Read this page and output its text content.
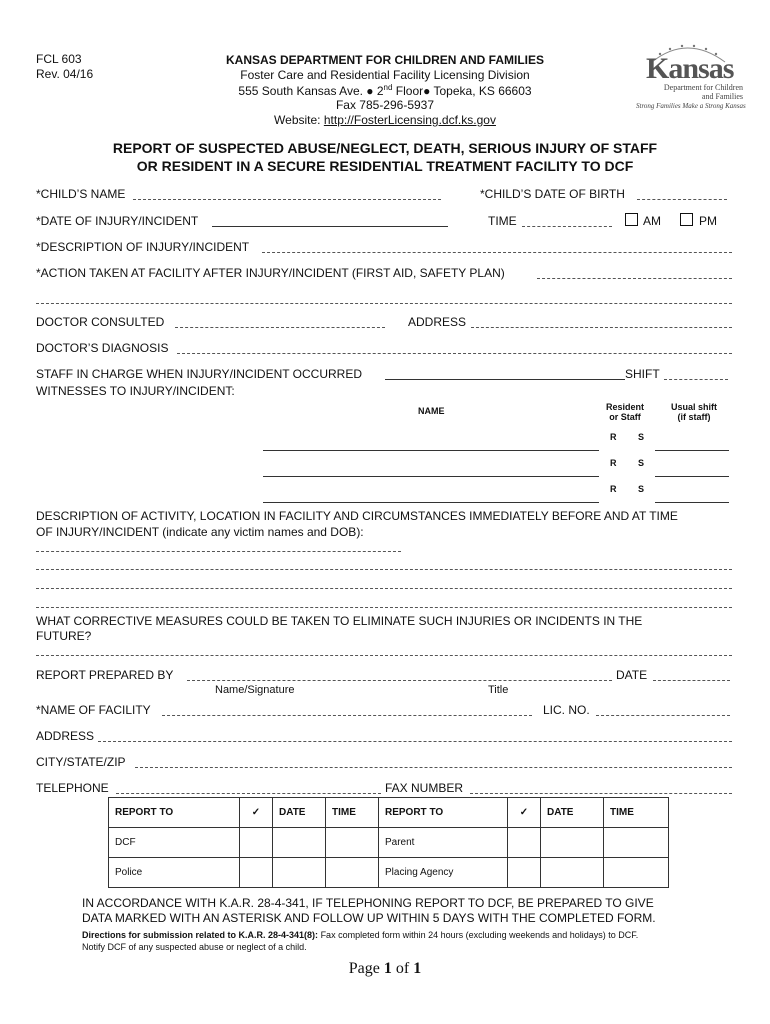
FCL 603
Rev. 04/16
KANSAS DEPARTMENT FOR CHILDREN AND FAMILIES
Foster Care and Residential Facility Licensing Division
555 South Kansas Ave. ● 2nd Floor● Topeka, KS 66603
Fax 785-296-5937
Website: http://FosterLicensing.dcf.ks.gov
Kansas
Department for Children
and Families
Strong Families Make a Strong Kansas
REPORT OF SUSPECTED ABUSE/NEGLECT, DEATH, SERIOUS INJURY OF STAFF
OR RESIDENT IN A SECURE RESIDENTIAL TREATMENT FACILITY TO DCF
*CHILD’S NAME	*CHILD’S DATE OF BIRTH
*DATE OF INJURY/INCIDENT	TIME	AM	PM
*DESCRIPTION OF INJURY/INCIDENT
*ACTION TAKEN AT FACILITY AFTER INJURY/INCIDENT (FIRST AID, SAFETY PLAN)
DOCTOR CONSULTED	ADDRESS
DOCTOR’S DIAGNOSIS
STAFF IN CHARGE WHEN INJURY/INCIDENT OCCURRED	SHIFT
WITNESSES TO INJURY/INCIDENT:
NAME	Resident
or Staff
Usual shift
(if staff)
R S
R S
R S
DESCRIPTION OF ACTIVITY, LOCATION IN FACILITY AND CIRCUMSTANCES IMMEDIATELY BEFORE AND AT TIME
OF INJURY/INCIDENT (indicate any victim names and DOB):
WHAT CORRECTIVE MEASURES COULD BE TAKEN TO ELIMINATE SUCH INJURIES OR INCIDENTS IN THE
FUTURE?
REPORT PREPARED BY	DATE
Name/Signature	Title
*NAME OF FACILITY	LIC. NO.
ADDRESS
CITY/STATE/ZIP
TELEPHONE	FAX NUMBER
REPORT TO	✓	DATE	TIME	REPORT TO	✓	DATE	TIME
DCF				Parent			
Police				Placing Agency			
IN ACCORDANCE WITH K.A.R. 28-4-341, IF TELEPHONING REPORT TO DCF, BE PREPARED TO GIVE
DATA MARKED WITH AN ASTERISK AND FOLLOW UP WITHIN 5 DAYS WITH THE COMPLETED FORM.
Directions for submission related to K.A.R. 28-4-341(8): Fax completed form within 24 hours (excluding weekends and holidays) to DCF.
Notify DCF of any suspected abuse or neglect of a child.
Page 1 of 1
